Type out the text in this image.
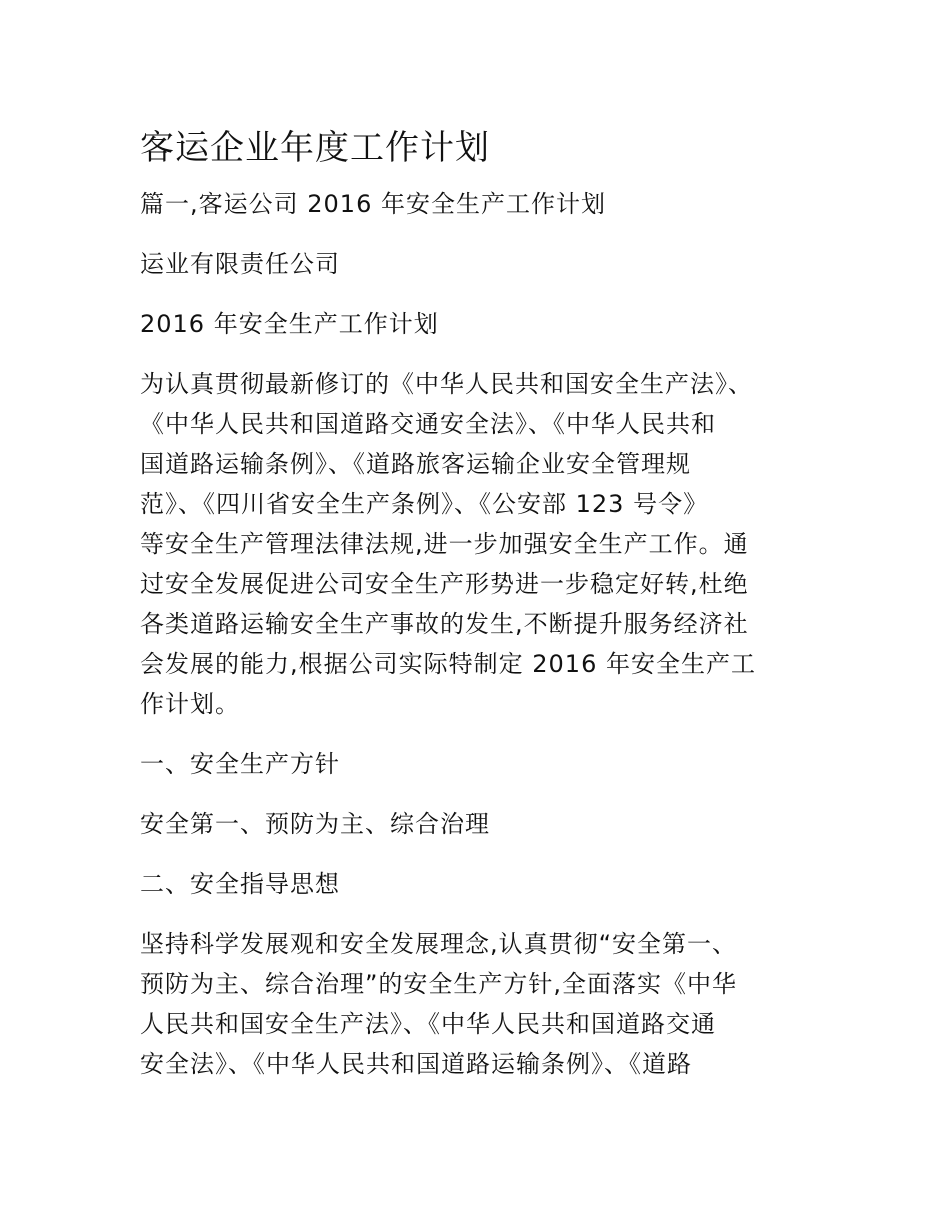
客运企业年度工作计划

篇一,客运公司 2016 年安全生产工作计划

运业有限责任公司

2016 年安全生产工作计划

为认真贯彻最新修订的《中华人民共和国安全生产法》、
《中华人民共和国道路交通安全法》、《中华人民共和
国道路运输条例》、《道路旅客运输企业安全管理规
范》、《四川省安全生产条例》、《公安部 123 号令》
等安全生产管理法律法规,进一步加强安全生产工作。通
过安全发展促进公司安全生产形势进一步稳定好转,杜绝
各类道路运输安全生产事故的发生,不断提升服务经济社
会发展的能力,根据公司实际特制定 2016 年安全生产工
作计划。

一、安全生产方针

安全第一、预防为主、综合治理

二、安全指导思想

坚持科学发展观和安全发展理念,认真贯彻“安全第一、
预防为主、综合治理”的安全生产方针,全面落实《中华
人民共和国安全生产法》、《中华人民共和国道路交通
安全法》、《中华人民共和国道路运输条例》、《道路
